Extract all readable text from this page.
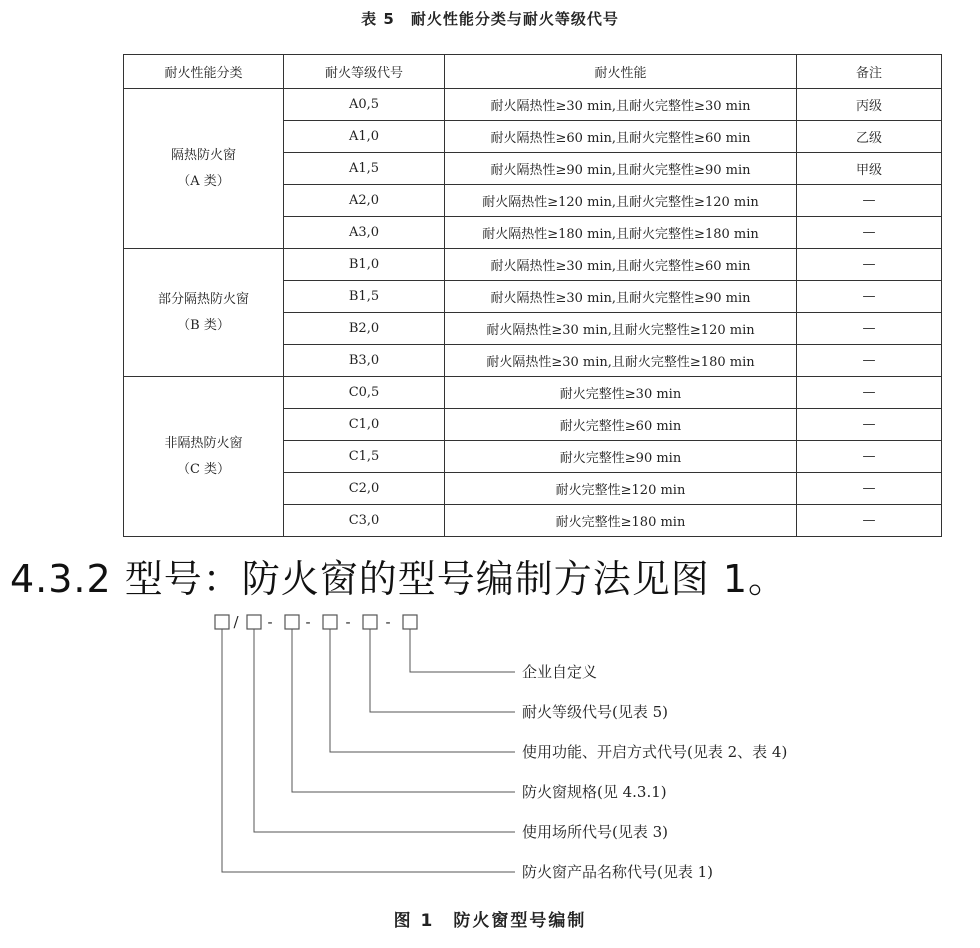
表 5　耐火性能分类与耐火等级代号
耐火性能分类	耐火等级代号	耐火性能	备注

隔热防火窗
（A 类）	A0,5	耐火隔热性≥30 min,且耐火完整性≥30 min	丙级
	A1,0	耐火隔热性≥60 min,且耐火完整性≥60 min	乙级
	A1,5	耐火隔热性≥90 min,且耐火完整性≥90 min	甲级
	A2,0	耐火隔热性≥120 min,且耐火完整性≥120 min	—
	A3,0	耐火隔热性≥180 min,且耐火完整性≥180 min	—

部分隔热防火窗
（B 类）	B1,0	耐火隔热性≥30 min,且耐火完整性≥60 min	—
	B1,5	耐火隔热性≥30 min,且耐火完整性≥90 min	—
	B2,0	耐火隔热性≥30 min,且耐火完整性≥120 min	—
	B3,0	耐火隔热性≥30 min,且耐火完整性≥180 min	—

非隔热防火窗
（C 类）	C0,5	耐火完整性≥30 min	—
	C1,0	耐火完整性≥60 min	—
	C1,5	耐火完整性≥90 min	—
	C2,0	耐火完整性≥120 min	—
	C3,0	耐火完整性≥180 min	—
4.3.2 型号：防火窗的型号编制方法见图 1。
/ - - - -
企业自定义
耐火等级代号(见表 5)
使用功能、开启方式代号(见表 2、表 4)
防火窗规格(见 4.3.1)
使用场所代号(见表 3)
防火窗产品名称代号(见表 1)
图 1　防火窗型号编制
